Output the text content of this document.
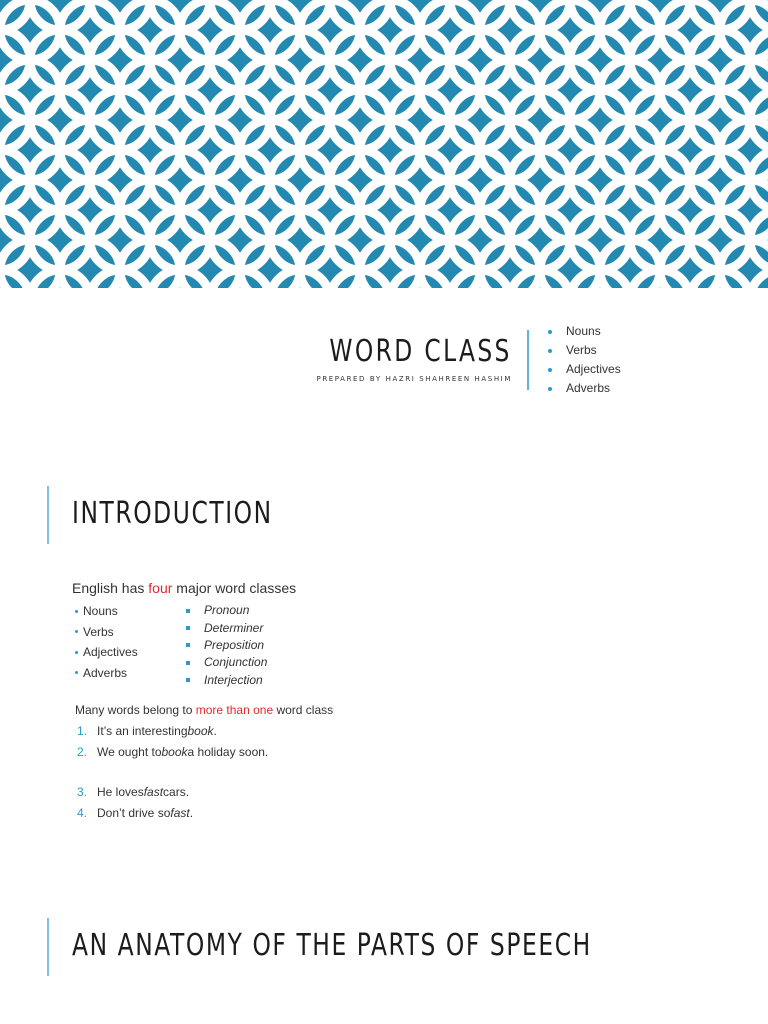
WORD CLASS
PREPARED BY HAZRI SHAHREEN HASHIM
Nouns
Verbs
Adjectives
Adverbs
INTRODUCTION
English has four major word classes
Nouns
Verbs
Adjectives
Adverbs
Pronoun
Determiner
Preposition
Conjunction
Interjection
Many words belong to more than one word class
1. It’s an interesting book .
2. We ought to book a holiday soon.
3. He loves fast cars.
4. Don’t drive so fast .
AN ANATOMY OF THE PARTS OF SPEECH
